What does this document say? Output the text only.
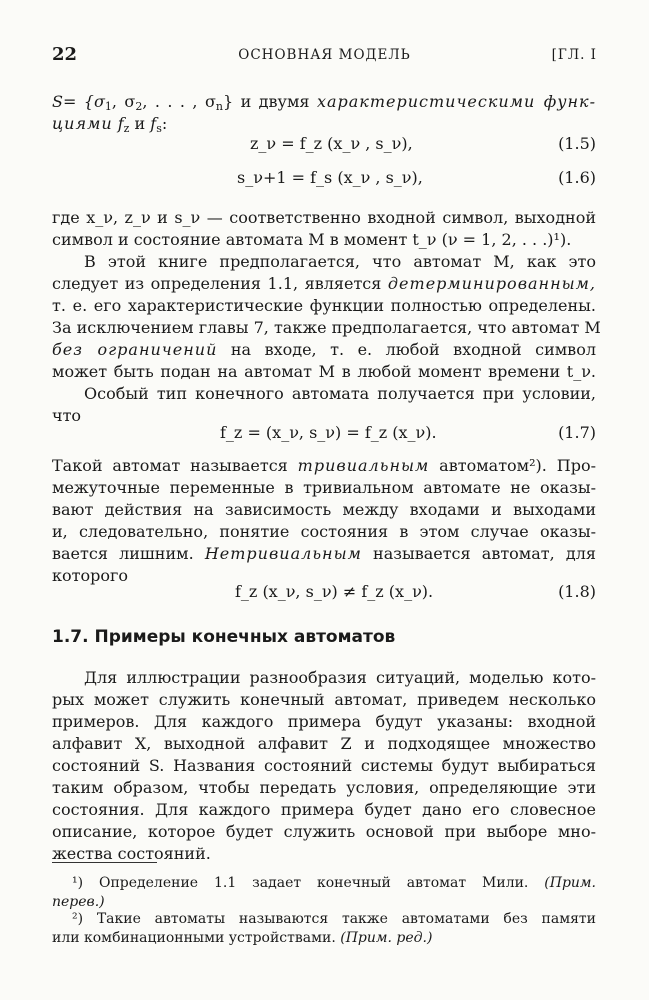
22	ОСНОВНАЯ МОДЕЛЬ	[ГЛ. I
$S= \{\sigma_1$, $\sigma_2$, . . . , $\sigma_n$} и двумя характеристическими функ-
циями $f_z$ и $f_s$:
z_ν = f_z (x_ν , s_ν),	(1.5)
s_ν+1 = f_s (x_ν , s_ν),	(1.6)
где x_ν, z_ν и s_ν — соответственно входной символ, выходной
символ и состояние автомата M в момент t_ν (ν = 1, 2, . . .)¹).
В этой книге предполагается, что автомат M, как это
следует из определения 1.1, является детерминированным,
т. е. его характеристические функции полностью определены.
За исключением главы 7, также предполагается, что автомат M
без ограничений на входе, т. е. любой входной символ
может быть подан на автомат M в любой момент времени t_ν.
Особый тип конечного автомата получается при условии,
что
f_z = (x_ν, s_ν) = f_z (x_ν).	(1.7)
Такой автомат называется тривиальным автоматом²). Про-
межуточные переменные в тривиальном автомате не оказы-
вают действия на зависимость между входами и выходами
и, следовательно, понятие состояния в этом случае оказы-
вается лишним. Нетривиальным называется автомат, для
которого
f_z (x_ν, s_ν) ≠ f_z (x_ν).	(1.8)
1.7. Примеры конечных автоматов
Для иллюстрации разнообразия ситуаций, моделью кото-
рых может служить конечный автомат, приведем несколько
примеров. Для каждого примера будут указаны: входной
алфавит X, выходной алфавит Z и подходящее множество
состояний S. Названия состояний системы будут выбираться
таким образом, чтобы передать условия, определяющие эти
состояния. Для каждого примера будет дано его словесное
описание, которое будет служить основой при выборе мно-
жества состояний.
¹) Определение 1.1 задает конечный автомат Мили. (Прим.
перев.)
²) Такие автоматы называются также автоматами без памяти
или комбинационными устройствами. (Прим. ред.)
